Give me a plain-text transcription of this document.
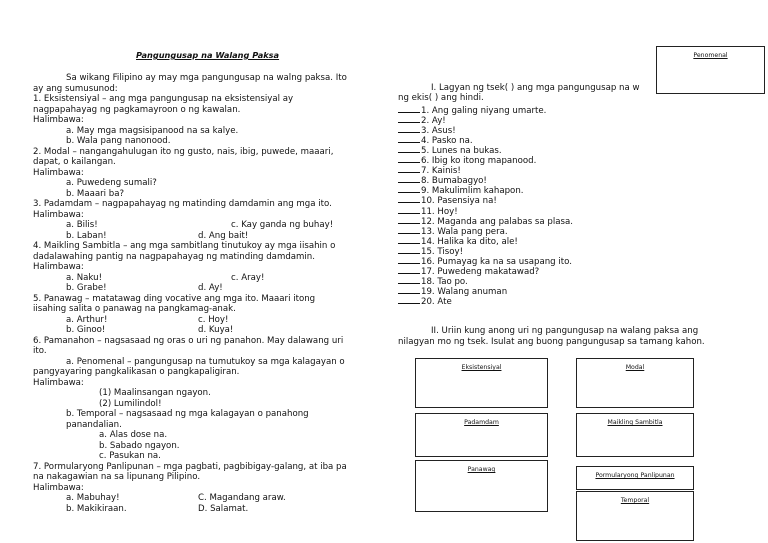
Pangungusap na Walang Paksa
Sa wikang Filipino ay may mga pangungusap na walng paksa. Ito
ay ang sumusunod:
1. Eksistensiyal – ang mga pangungusap na eksistensiyal ay
nagpapahayag ng pagkamayroon o ng kawalan.
Halimbawa:
a. May mga magsisipanood na sa kalye.
b. Wala pang nanonood.
2. Modal – nangangahulugan ito ng gusto, nais, ibig, puwede, maaari,
dapat, o kailangan.
Halimbawa:
a. Puwedeng sumali?
b. Maaari ba?
3. Padamdam – nagpapahayag ng matinding damdamin ang mga ito.
Halimbawa:
a. Bilis!	c. Kay ganda ng buhay!
b. Laban!	d. Ang bait!
4. Maikling Sambitla – ang mga sambitlang tinutukoy ay mga iisahin o
dadalawahing pantig na nagpapahayag ng matinding damdamin.
Halimbawa:
a. Naku!	c. Aray!
b. Grabe!	d. Ay!
5. Panawag – matatawag ding vocative ang mga ito. Maaari itong
iisahing salita o panawag na pangkamag-anak.
a. Arthur!	c. Hoy!
b. Ginoo!	d. Kuya!
6. Pamanahon – nagsasaad ng oras o uri ng panahon. May dalawang uri
ito.
a. Penomenal – pangungusap na tumutukoy sa mga kalagayan o
pangyayaring pangkalikasan o pangkapaligiran.
Halimbawa:
(1) Maalinsangan ngayon.
(2) Lumilindol!
b. Temporal – nagsasaad ng mga kalagayan o panahong
panandalian.
a. Alas dose na.
b. Sabado ngayon.
c. Pasukan na.
7. Pormularyong Panlipunan – mga pagbati, pagbibigay-galang, at iba pa
na nakagawian na sa lipunang Pilipino.
Halimbawa:
a. Mabuhay!	C. Magandang araw.
b. Makikiraan.	D. Salamat.
I. Lagyan ng tsek( ) ang mga pangungusap na w
ng ekis( ) ang hindi.
Penomenal
1. Ang galing niyang umarte.
2. Ay!
3. Asus!
4. Pasko na.
5. Lunes na bukas.
6. Ibig ko itong mapanood.
7. Kainis!
8. Bumabagyo!
9. Makulimlim kahapon.
10. Pasensiya na!
11. Hoy!
12. Maganda ang palabas sa plasa.
13. Wala pang pera.
14. Halika ka dito, ale!
15. Tisoy!
16. Pumayag ka na sa usapang ito.
17. Puwedeng makatawad?
18. Tao po.
19. Walang anuman
20. Ate
II. Uriin kung anong uri ng pangungusap na walang paksa ang
nilagyan mo ng tsek. Isulat ang buong pangungusap sa tamang kahon.
Eksistensiyal	Modal
Padamdam	Maikling Sambitla
Panawag
Pormularyong Panlipunan
Temporal
